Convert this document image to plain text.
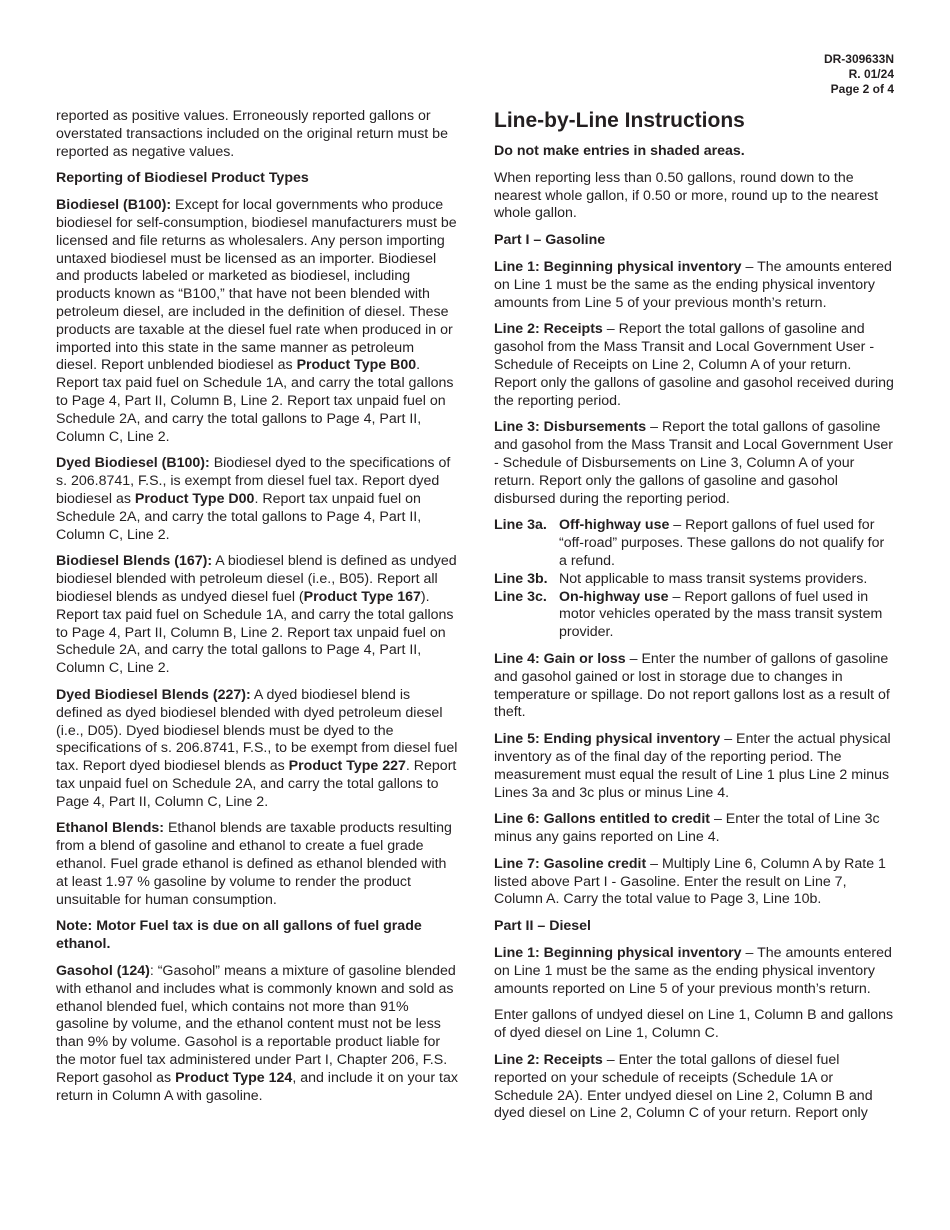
DR-309633N
R. 01/24
Page 2 of 4

reported as positive values. Erroneously reported gallons or overstated transactions included on the original return must be reported as negative values.

Reporting of Biodiesel Product Types

Biodiesel (B100): Except for local governments who produce biodiesel for self-consumption, biodiesel manufacturers must be licensed and file returns as wholesalers. Any person importing untaxed biodiesel must be licensed as an importer. Biodiesel and products labeled or marketed as biodiesel, including products known as “B100,” that have not been blended with petroleum diesel, are included in the definition of diesel. These products are taxable at the diesel fuel rate when produced in or imported into this state in the same manner as petroleum diesel. Report unblended biodiesel as Product Type B00. Report tax paid fuel on Schedule 1A, and carry the total gallons to Page 4, Part II, Column B, Line 2. Report tax unpaid fuel on Schedule 2A, and carry the total gallons to Page 4, Part II, Column C, Line 2.

Dyed Biodiesel (B100): Biodiesel dyed to the specifications of s. 206.8741, F.S., is exempt from diesel fuel tax. Report dyed biodiesel as Product Type D00. Report tax unpaid fuel on Schedule 2A, and carry the total gallons to Page 4, Part II, Column C, Line 2.

Biodiesel Blends (167): A biodiesel blend is defined as undyed biodiesel blended with petroleum diesel (i.e., B05). Report all biodiesel blends as undyed diesel fuel (Product Type 167). Report tax paid fuel on Schedule 1A, and carry the total gallons to Page 4, Part II, Column B, Line 2. Report tax unpaid fuel on Schedule 2A, and carry the total gallons to Page 4, Part II, Column C, Line 2.

Dyed Biodiesel Blends (227): A dyed biodiesel blend is defined as dyed biodiesel blended with dyed petroleum diesel (i.e., D05). Dyed biodiesel blends must be dyed to the specifications of s. 206.8741, F.S., to be exempt from diesel fuel tax. Report dyed biodiesel blends as Product Type 227. Report tax unpaid fuel on Schedule 2A, and carry the total gallons to Page 4, Part II, Column C, Line 2.

Ethanol Blends: Ethanol blends are taxable products resulting from a blend of gasoline and ethanol to create a fuel grade ethanol. Fuel grade ethanol is defined as ethanol blended with at least 1.97 % gasoline by volume to render the product unsuitable for human consumption.

Note: Motor Fuel tax is due on all gallons of fuel grade ethanol.

Gasohol (124): “Gasohol” means a mixture of gasoline blended with ethanol and includes what is commonly known and sold as ethanol blended fuel, which contains not more than 91% gasoline by volume, and the ethanol content must not be less than 9% by volume. Gasohol is a reportable product liable for the motor fuel tax administered under Part I, Chapter 206, F.S. Report gasohol as Product Type 124, and include it on your tax return in Column A with gasoline.

Line-by-Line Instructions

Do not make entries in shaded areas.

When reporting less than 0.50 gallons, round down to the nearest whole gallon, if 0.50 or more, round up to the nearest whole gallon.

Part I – Gasoline

Line 1: Beginning physical inventory – The amounts entered on Line 1 must be the same as the ending physical inventory amounts from Line 5 of your previous month’s return.

Line 2: Receipts – Report the total gallons of gasoline and gasohol from the Mass Transit and Local Government User - Schedule of Receipts on Line 2, Column A of your return. Report only the gallons of gasoline and gasohol received during the reporting period.

Line 3: Disbursements – Report the total gallons of gasoline and gasohol from the Mass Transit and Local Government User - Schedule of Disbursements on Line 3, Column A of your return. Report only the gallons of gasoline and gasohol disbursed during the reporting period.

Line 3a. Off-highway use – Report gallons of fuel used for “off-road” purposes. These gallons do not qualify for a refund.
Line 3b. Not applicable to mass transit systems providers.
Line 3c. On-highway use – Report gallons of fuel used in motor vehicles operated by the mass transit system provider.

Line 4: Gain or loss – Enter the number of gallons of gasoline and gasohol gained or lost in storage due to changes in temperature or spillage. Do not report gallons lost as a result of theft.

Line 5: Ending physical inventory – Enter the actual physical inventory as of the final day of the reporting period. The measurement must equal the result of Line 1 plus Line 2 minus Lines 3a and 3c plus or minus Line 4.

Line 6: Gallons entitled to credit – Enter the total of Line 3c minus any gains reported on Line 4.

Line 7: Gasoline credit – Multiply Line 6, Column A by Rate 1 listed above Part I - Gasoline. Enter the result on Line 7, Column A. Carry the total value to Page 3, Line 10b.

Part II – Diesel

Line 1: Beginning physical inventory – The amounts entered on Line 1 must be the same as the ending physical inventory amounts reported on Line 5 of your previous month’s return.

Enter gallons of undyed diesel on Line 1, Column B and gallons of dyed diesel on Line 1, Column C.

Line 2: Receipts – Enter the total gallons of diesel fuel reported on your schedule of receipts (Schedule 1A or Schedule 2A). Enter undyed diesel on Line 2, Column B and dyed diesel on Line 2, Column C of your return. Report only
